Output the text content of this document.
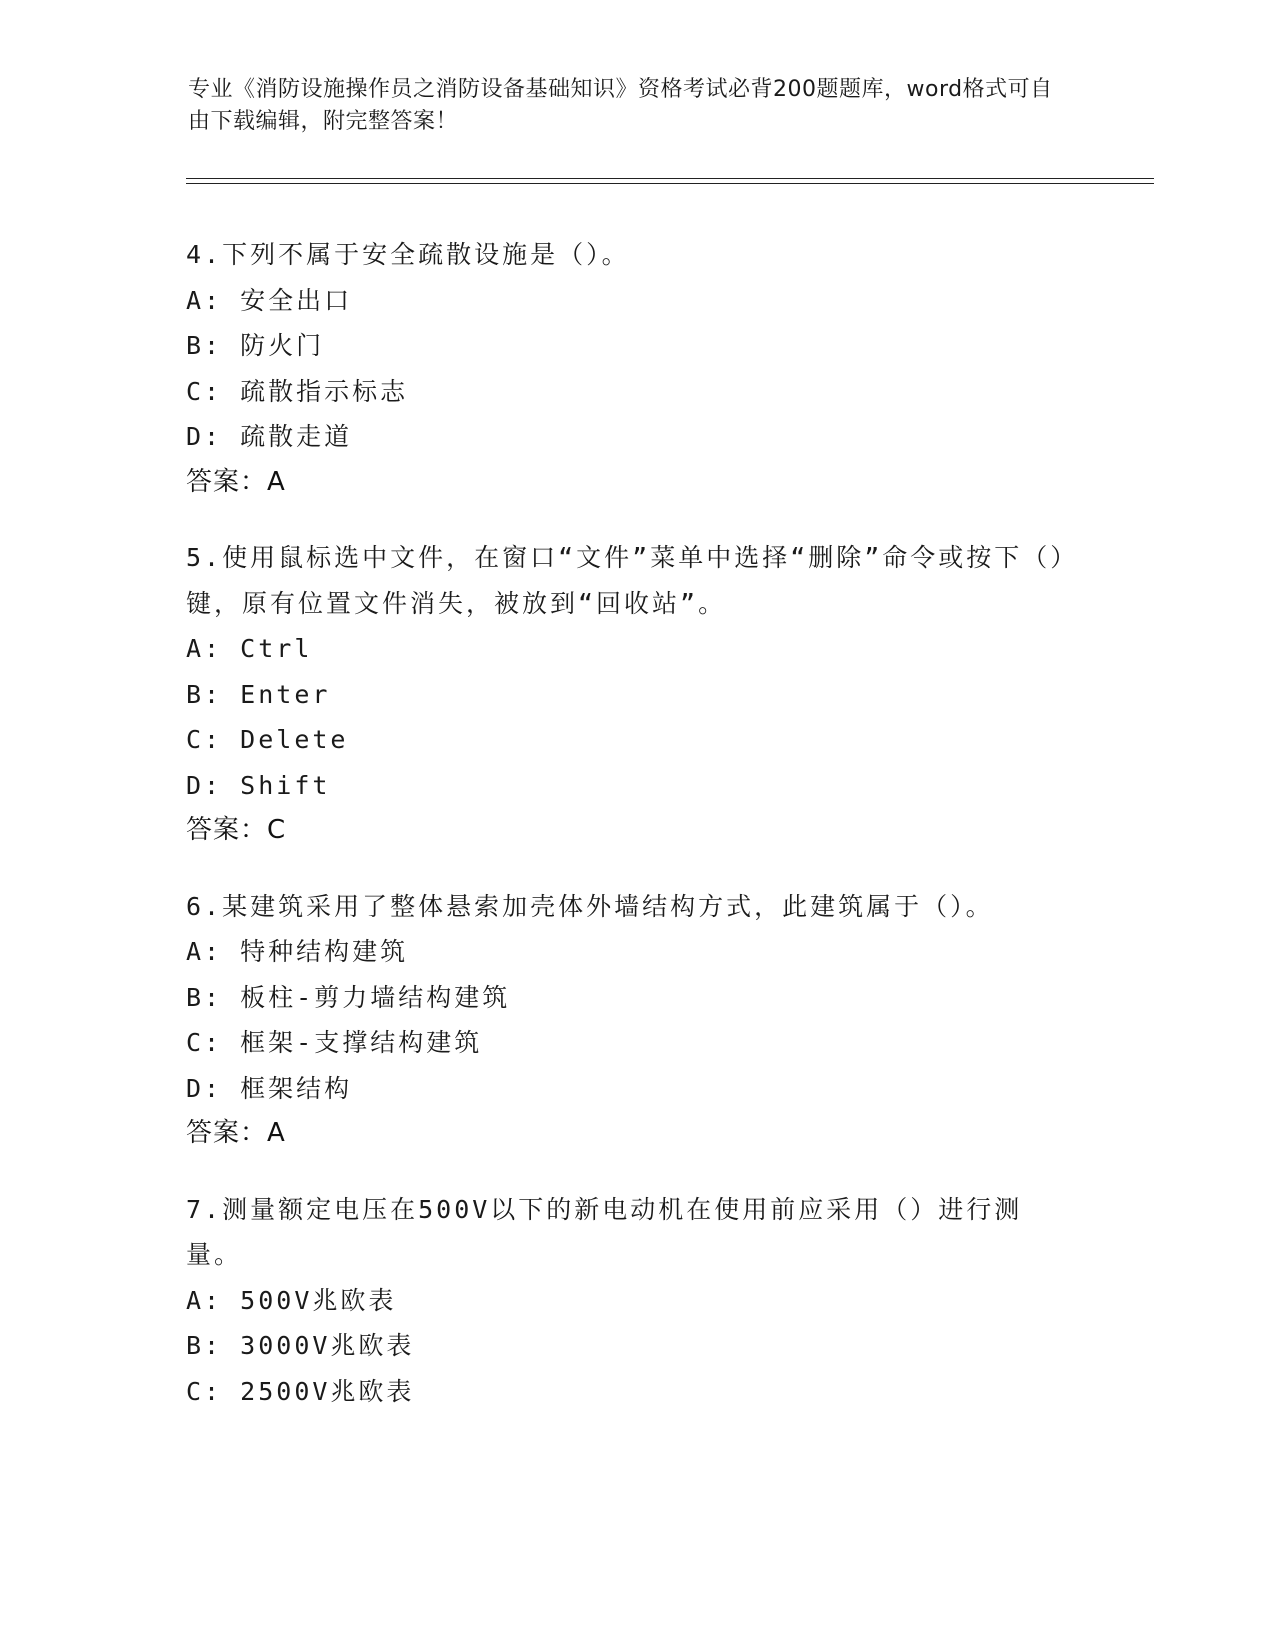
专业《消防设施操作员之消防设备基础知识》资格考试必背200题题库，word格式可自由下载编辑，附完整答案！

4.下列不属于安全疏散设施是（）。

A: 安全出口

B: 防火门

C: 疏散指示标志

D: 疏散走道

答案：A

5.使用鼠标选中文件，在窗口“文件”菜单中选择“删除”命令或按下（）键，原有位置文件消失，被放到“回收站”。

A: Ctrl

B: Enter

C: Delete

D: Shift

答案：C

6.某建筑采用了整体悬索加壳体外墙结构方式，此建筑属于（）。

A: 特种结构建筑

B: 板柱-剪力墙结构建筑

C: 框架-支撑结构建筑

D: 框架结构

答案：A

7.测量额定电压在500V以下的新电动机在使用前应采用（）进行测量。

A: 500V兆欧表

B: 3000V兆欧表

C: 2500V兆欧表
